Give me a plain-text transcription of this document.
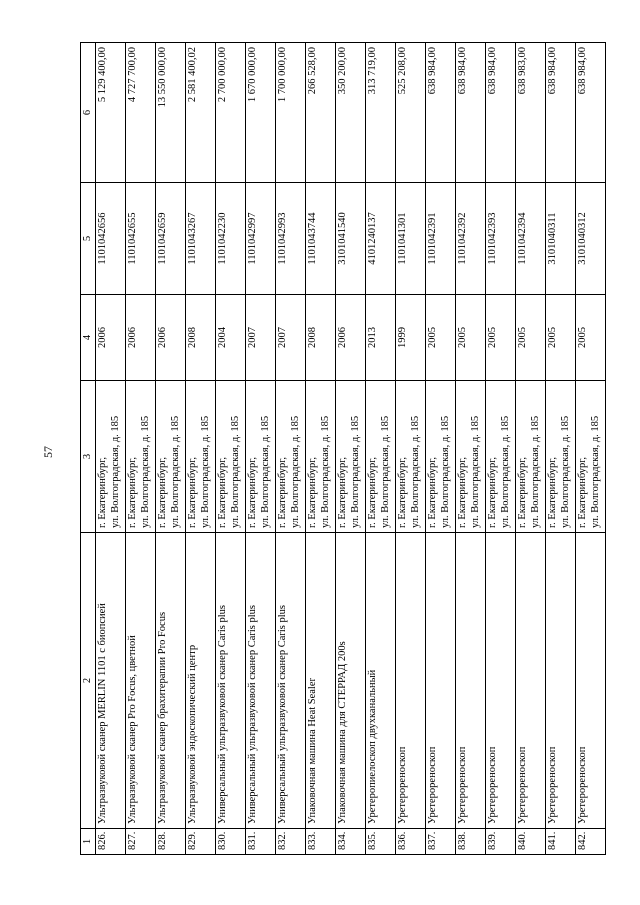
57
1	2	3	4	5	6
826.	Ультразвуковой сканер MERLIN 1101 с биопсией	г. Екатеринбург, ул. Волгоградская, д. 185	2006	1101042656	5 129 400,00
827.	Ультразвуковой сканер Pro Focus, цветной	г. Екатеринбург, ул. Волгоградская, д. 185	2006	1101042655	4 727 700,00
828.	Ультразвуковой сканер брахитерапии Pro Focus	г. Екатеринбург, ул. Волгоградская, д. 185	2006	1101042659	13 550 000,00
829.	Ультразвуковой эндоскопический центр	г. Екатеринбург, ул. Волгоградская, д. 185	2008	1101043267	2 581 400,02
830.	Универсальный ультразвуковой сканер Caris plus	г. Екатеринбург, ул. Волгоградская, д. 185	2004	1101042230	2 700 000,00
831.	Универсальный ультразвуковой сканер Caris plus	г. Екатеринбург, ул. Волгоградская, д. 185	2007	1101042997	1 670 000,00
832.	Универсальный ультразвуковой сканер Caris plus	г. Екатеринбург, ул. Волгоградская, д. 185	2007	1101042993	1 700 000,00
833.	Упаковочная машина Heat Sealer	г. Екатеринбург, ул. Волгоградская, д. 185	2008	1101043744	266 528,00
834.	Упаковочная машина для СТЕРРАД 200s	г. Екатеринбург, ул. Волгоградская, д. 185	2006	3101041540	350 200,00
835.	Уретеропиелоскоп двухканальный	г. Екатеринбург, ул. Волгоградская, д. 185	2013	4101240137	313 719,00
836.	Уретерореноскоп	г. Екатеринбург, ул. Волгоградская, д. 185	1999	1101041301	525 208,00
837.	Уретерореноскоп	г. Екатеринбург, ул. Волгоградская, д. 185	2005	1101042391	638 984,00
838.	Уретерореноскоп	г. Екатеринбург, ул. Волгоградская, д. 185	2005	1101042392	638 984,00
839.	Уретерореноскоп	г. Екатеринбург, ул. Волгоградская, д. 185	2005	1101042393	638 984,00
840.	Уретерореноскоп	г. Екатеринбург, ул. Волгоградская, д. 185	2005	1101042394	638 983,00
841.	Уретерореноскоп	г. Екатеринбург, ул. Волгоградская, д. 185	2005	3101040311	638 984,00
842.	Уретерореноскоп	г. Екатеринбург, ул. Волгоградская, д. 185	2005	3101040312	638 984,00
